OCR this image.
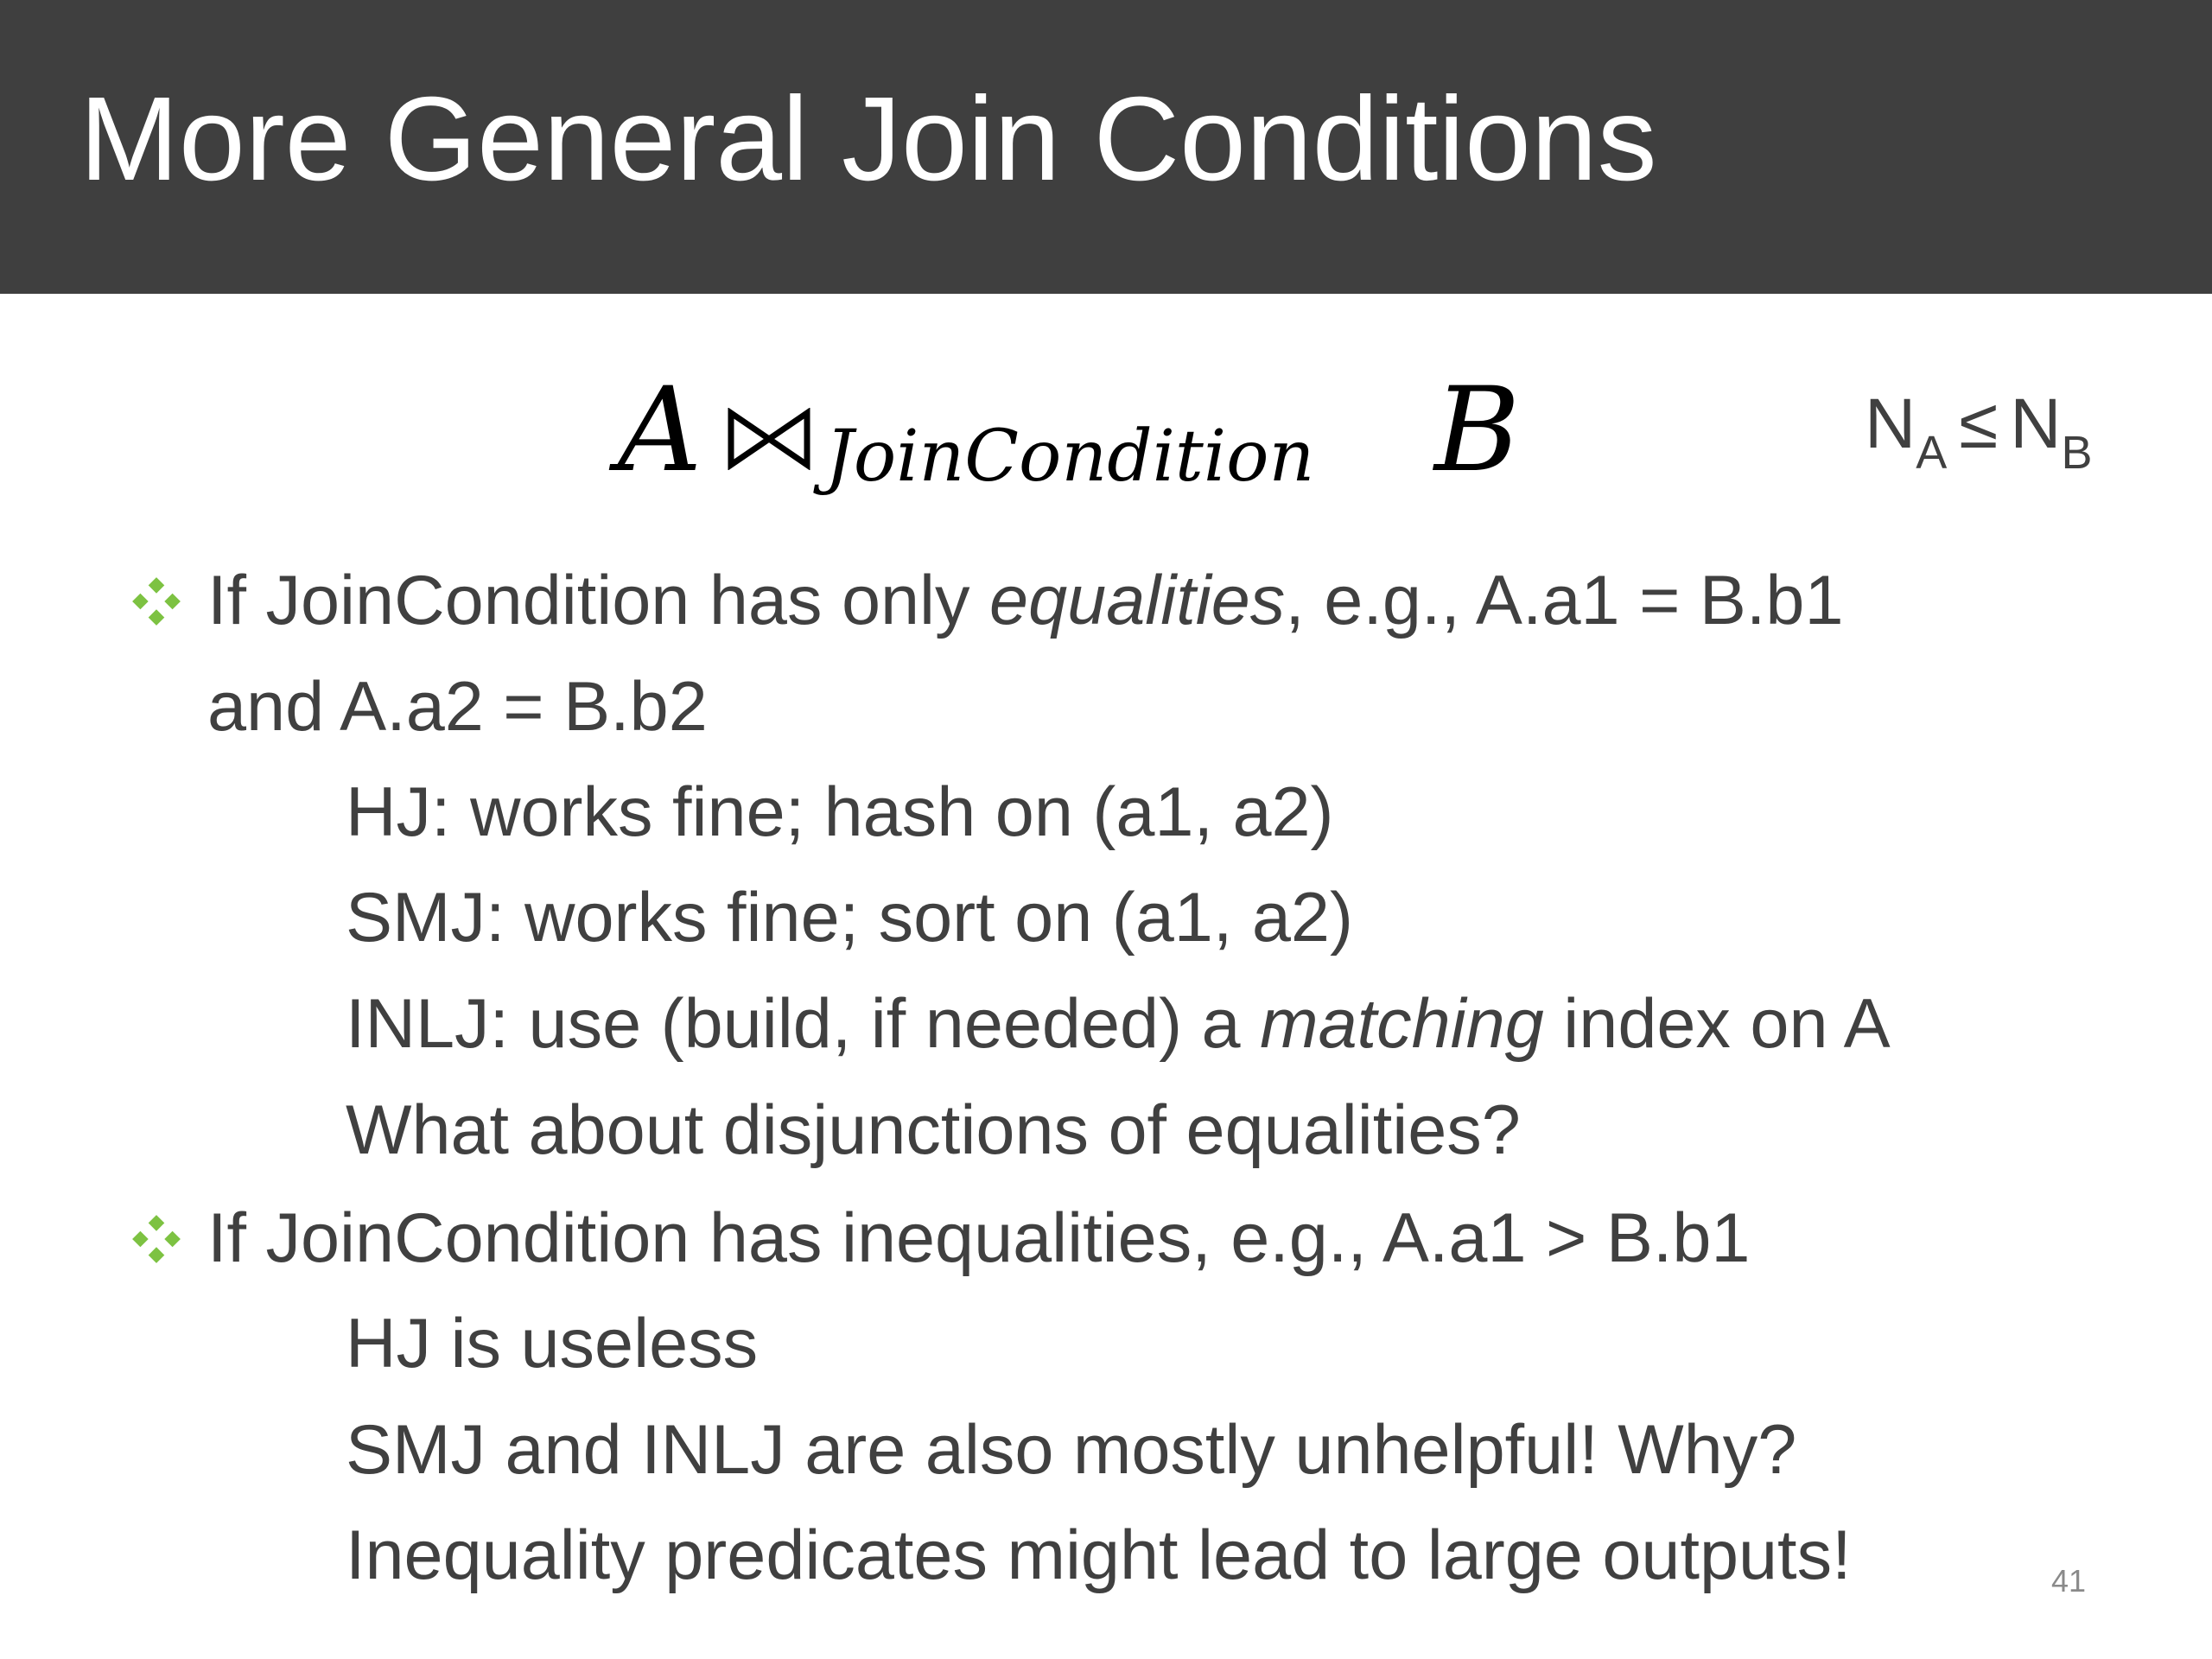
More General Join Conditions
A JoinCondition B	$N_A \le N_B$
If JoinCondition has only equalities, e.g., A.a1 = B.b1
and A.a2 = B.b2
HJ: works fine; hash on (a1, a2)
SMJ: works fine; sort on (a1, a2)
INLJ: use (build, if needed) a matching index on A
What about disjunctions of equalities?
If JoinCondition has inequalities, e.g., A.a1 > B.b1
HJ is useless
SMJ and INLJ are also mostly unhelpful! Why?
Inequality predicates might lead to large outputs!	41
